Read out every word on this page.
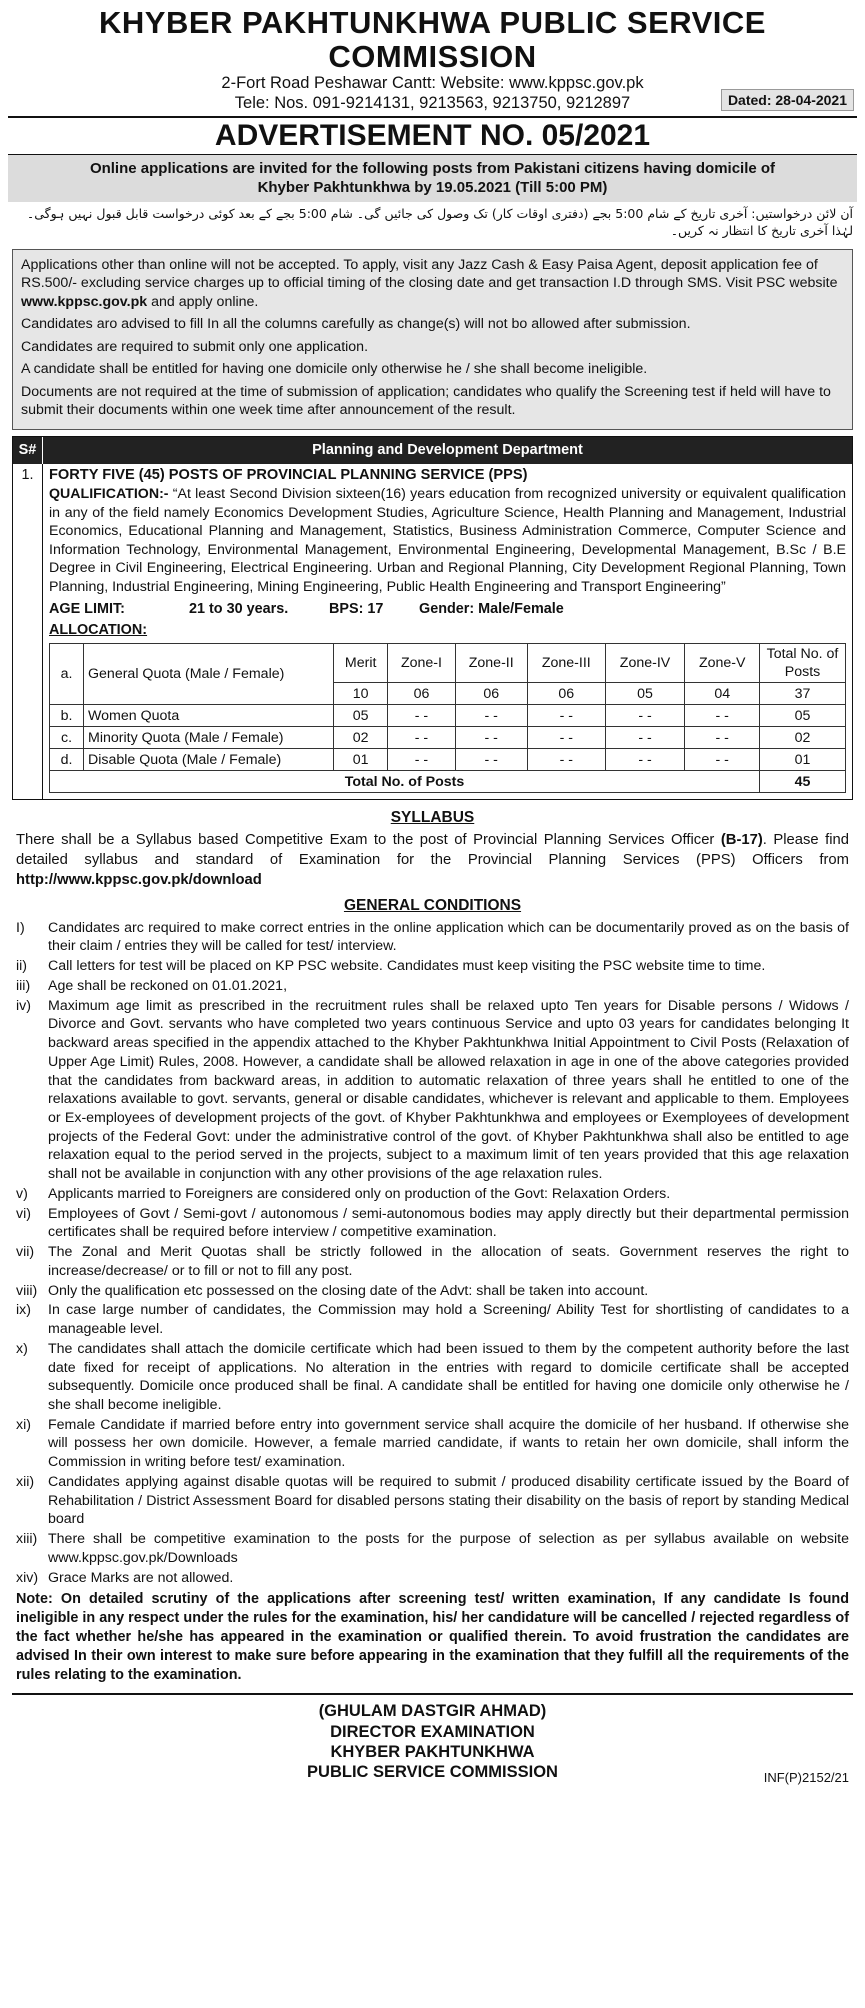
KHYBER PAKHTUNKHWA PUBLIC SERVICE COMMISSION
2-Fort Road Peshawar Cantt: Website: www.kppsc.gov.pk
Tele: Nos. 091-9214131, 9213563, 9213750, 9212897	Dated: 28-04-2021
ADVERTISEMENT NO. 05/2021
Online applications are invited for the following posts from Pakistani citizens having domicile of
Khyber Pakhtunkhwa by 19.05.2021 (Till 5:00 PM)
آن لائن درخواستیں: آخری تاریخ کے شام 5:00 بجے (دفتری اوقات کار) تک وصول کی جائیں گی۔ شام 5:00 بجے کے بعد کوئی درخواست قابل قبول نہیں ہوگی۔ لہٰذا آخری تاریخ کا انتظار نہ کریں۔

Applications other than online will not be accepted. To apply, visit any Jazz Cash & Easy Paisa Agent, deposit application fee of RS.500/- excluding service charges up to official timing of the closing date and get transaction I.D through SMS. Visit PSC website www.kppsc.gov.pk and apply online.

Candidates aro advised to fill In all the columns carefully as change(s) will not bo allowed after submission.

Candidates are required to submit only one application.

A candidate shall be entitled for having one domicile only otherwise he / she shall become ineligible.

Documents are not required at the time of submission of application; candidates who qualify the Screening test if held will have to submit their documents within one week time after announcement of the result.

S#	Planning and Development Department
1.	FORTY FIVE (45) POSTS OF PROVINCIAL PLANNING SERVICE (PPS)
QUALIFICATION:- “At least Second Division sixteen(16) years education from recognized university or equivalent qualification in any of the field namely Economics Development Studies, Agriculture Science, Health Planning and Management, Industrial Economics, Educational Planning and Management, Statistics, Business Administration Commerce, Computer Science and Information Technology, Environmental Management, Environmental Engineering, Developmental Management, B.Sc / B.E Degree in Civil Engineering, Electrical Engineering. Urban and Regional Planning, City Development Regional Planning, Town Planning, Industrial Engineering, Mining Engineering, Public Health Engineering and Transport Engineering”
AGE LIMIT:	21 to 30 years.	BPS: 17	Gender: Male/Female
ALLOCATION:
a.	General Quota (Male / Female)	Merit	Zone-I	Zone-II	Zone-III	Zone-IV	Zone-V	Total No. of Posts
		10	06	06	06	05	04	37
b.	Women Quota	05	- -	- -	- -	- -	- -	05
c.	Minority Quota (Male / Female)	02	- -	- -	- -	- -	- -	02
d.	Disable Quota (Male / Female)	01	- -	- -	- -	- -	- -	01
Total No. of Posts								45
SYLLABUS
There shall be a Syllabus based Competitive Exam to the post of Provincial Planning Services Officer (B-17). Please find detailed syllabus and standard of Examination for the Provincial Planning Services (PPS) Officers from http://www.kppsc.gov.pk/download
GENERAL CONDITIONS
I)	Candidates arc required to make correct entries in the online application which can be documentarily proved as on the basis of their claim / entries they will be called for test/ interview.
ii)	Call letters for test will be placed on KP PSC website. Candidates must keep visiting the PSC website time to time.
iii)	Age shall be reckoned on 01.01.2021,
iv)	Maximum age limit as prescribed in the recruitment rules shall be relaxed upto Ten years for Disable persons / Widows / Divorce and Govt. servants who have completed two years continuous Service and upto 03 years for candidates belonging It backward areas specified in the appendix attached to the Khyber Pakhtunkhwa Initial Appointment to Civil Posts (Relaxation of Upper Age Limit) Rules, 2008. However, a candidate shall be allowed relaxation in age in one of the above categories provided that the candidates from backward areas, in addition to automatic relaxation of three years shall he entitled to one of the relaxations available to govt. servants, general or disable candidates, whichever is relevant and applicable to them. Employees or Ex-employees of development projects of the govt. of Khyber Pakhtunkhwa and employees or Exemployees of development projects of the Federal Govt: under the administrative control of the govt. of Khyber Pakhtunkhwa shall also be entitled to age relaxation equal to the period served in the projects, subject to a maximum limit of ten years provided that this age relaxation shall not be available in conjunction with any other provisions of the age relaxation rules.
v)	Applicants married to Foreigners are considered only on production of the Govt: Relaxation Orders.
vi)	Employees of Govt / Semi-govt / autonomous / semi-autonomous bodies may apply directly but their departmental permission certificates shall be required before interview / competitive examination.
vii) The Zonal and Merit Quotas shall be strictly followed in the allocation of seats. Government reserves the right to increase/decrease/ or to fill or not to fill any post.
viii) Only the qualification etc possessed on the closing date of the Advt: shall be taken into account.
ix)	In case large number of candidates, the Commission may hold a Screening/ Ability Test for shortlisting of candidates to a manageable level.
x)	The candidates shall attach the domicile certificate which had been issued to them by the competent authority before the last date fixed for receipt of applications. No alteration in the entries with regard to domicile certificate shall be accepted subsequently. Domicile once produced shall be final. A candidate shall be entitled for having one domicile only otherwise he / she shall become ineligible.
xi)	Female Candidate if married before entry into government service shall acquire the domicile of her husband. If otherwise she will possess her own domicile. However, a female married candidate, if wants to retain her own domicile, shall inform the Commission in writing before test/ examination.
xii) Candidates applying against disable quotas will be required to submit / produced disability certificate issued by the Board of Rehabilitation / District Assessment Board for disabled persons stating their disability on the basis of report by standing Medical board
xiii) There shall be competitive examination to the posts for the purpose of selection as per syllabus available on website www.kppsc.gov.pk/Downloads
xiv) Grace Marks are not allowed.
Note: On detailed scrutiny of the applications after screening test/ written examination, If any candidate Is found ineligible in any respect under the rules for the examination, his/ her candidature will be cancelled / rejected regardless of the fact whether he/she has appeared in the examination or qualified therein. To avoid frustration the candidates are advised In their own interest to make sure before appearing in the examination that they fulfill all the requirements of the rules relating to the examination.
(GHULAM DASTGIR AHMAD)
DIRECTOR EXAMINATION
KHYBER PAKHTUNKHWA
PUBLIC SERVICE COMMISSION	INF(P)2152/21
